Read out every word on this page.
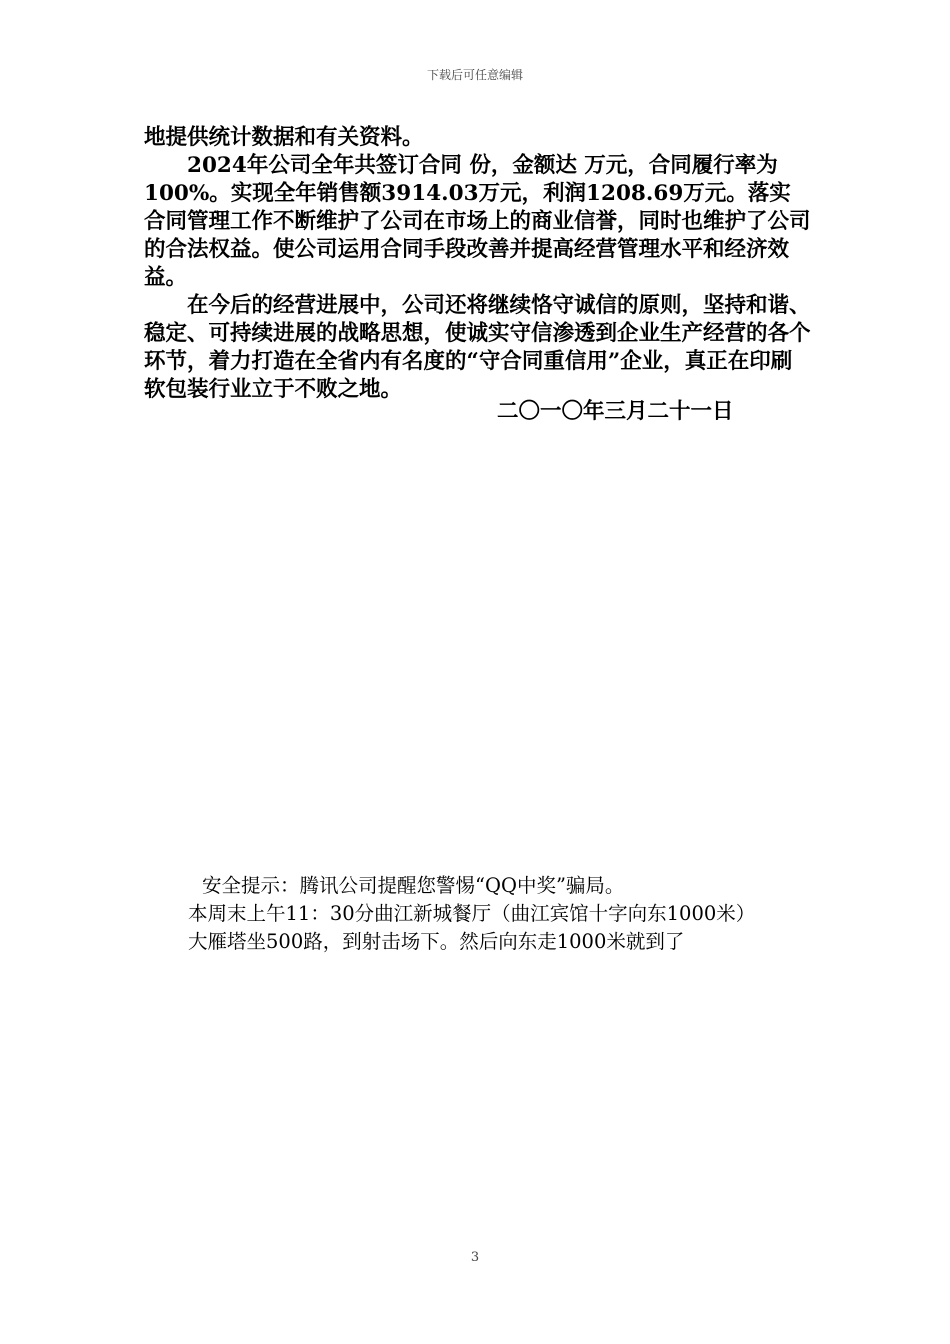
下载后可任意编辑

地提供统计数据和有关资料。

2024年公司全年共签订合同 份，金额达 万元，合同履行率为100%。实现全年销售额3914.03万元，利润1208.69万元。落实合同管理工作不断维护了公司在市场上的商业信誉，同时也维护了公司的合法权益。使公司运用合同手段改善并提高经营管理水平和经济效益。

在今后的经营进展中，公司还将继续恪守诚信的原则，坚持和谐、稳定、可持续进展的战略思想，使诚实守信渗透到企业生产经营的各个环节，着力打造在全省内有名度的“守合同重信用”企业，真正在印刷软包装行业立于不败之地。

二〇一〇年三月二十一日

安全提示：腾讯公司提醒您警惕“QQ中奖”骗局。

本周末上午11：30分曲江新城餐厅（曲江宾馆十字向东1000米）

大雁塔坐500路，到射击场下。然后向东走1000米就到了

3
